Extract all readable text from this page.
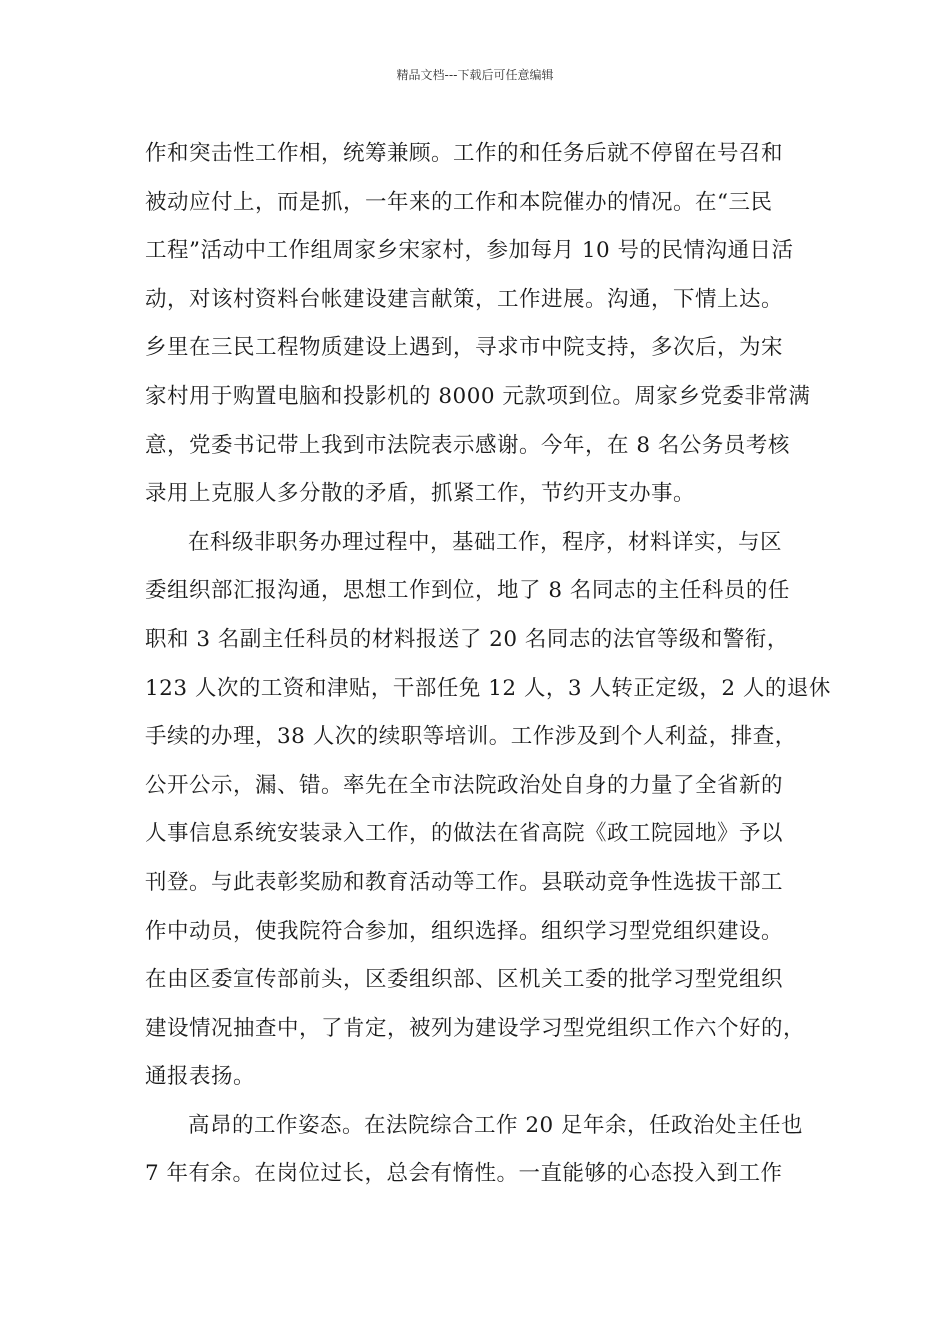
精品文档---下载后可任意编辑
作和突击性工作相，统筹兼顾。工作的和任务后就不停留在号召和
被动应付上，而是抓，一年来的工作和本院催办的情况。在“三民
工程”活动中工作组周家乡宋家村，参加每月 10 号的民情沟通日活
动，对该村资料台帐建设建言献策，工作进展。沟通，下情上达。
乡里在三民工程物质建设上遇到，寻求市中院支持，多次后，为宋
家村用于购置电脑和投影机的 8000 元款项到位。周家乡党委非常满
意，党委书记带上我到市法院表示感谢。今年，在 8 名公务员考核
录用上克服人多分散的矛盾，抓紧工作，节约开支办事。
在科级非职务办理过程中，基础工作，程序，材料详实，与区
委组织部汇报沟通，思想工作到位，地了 8 名同志的主任科员的任
职和 3 名副主任科员的材料报送了 20 名同志的法官等级和警衔，
123 人次的工资和津贴，干部任免 12 人，3 人转正定级，2 人的退休
手续的办理，38 人次的续职等培训。工作涉及到个人利益，排查，
公开公示，漏、错。率先在全市法院政治处自身的力量了全省新的
人事信息系统安装录入工作，的做法在省高院《政工院园地》予以
刊登。与此表彰奖励和教育活动等工作。县联动竞争性选拔干部工
作中动员，使我院符合参加，组织选择。组织学习型党组织建设。
在由区委宣传部前头，区委组织部、区机关工委的批学习型党组织
建设情况抽查中，了肯定，被列为建设学习型党组织工作六个好的，
通报表扬。
高昂的工作姿态。在法院综合工作 20 足年余，任政治处主任也
7 年有余。在岗位过长，总会有惰性。一直能够的心态投入到工作
